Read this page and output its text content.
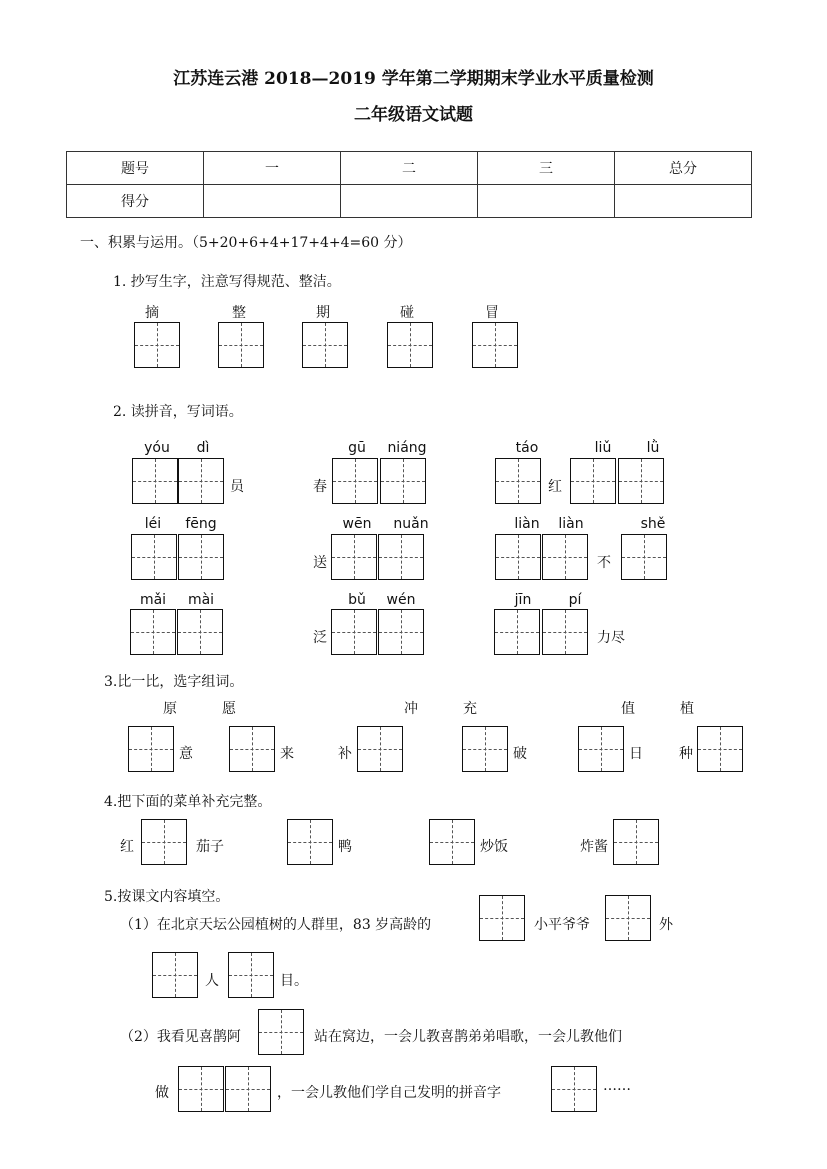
江苏连云港 2018—2019 学年第二学期期末学业水平质量检测
二年级语文试题
题号	一	二	三	总分
得分				
一、积累与运用。（5+20+6+4+17+4+4=60 分）
1. 抄写生字，注意写得规范、整洁。
摘	整	期	碰	冒
2. 读拼音，写词语。
yóu	dì
员	春
gū	niáng	táo
红
liǔ	lǜ
léi	fēng
送
wēn	nuǎn	liàn	liàn
不
shě
mǎi	mài
泛
bǔ	wén	jīn	pí
力尽
3.比一比，选字组词。
原	愿	冲	充	值	植
意	来	补	破	日	种
4.把下面的菜单补充完整。
红	茄子	鸭	炒饭	炸酱
5.按课文内容填空。
（1）在北京天坛公园植树的人群里，83 岁高龄的	小平爷爷	外
人	目。
（2）我看见喜鹊阿	站在窝边，一会儿教喜鹊弟弟唱歌，一会儿教他们
做	，一会儿教他们学自己发明的拼音字	……
